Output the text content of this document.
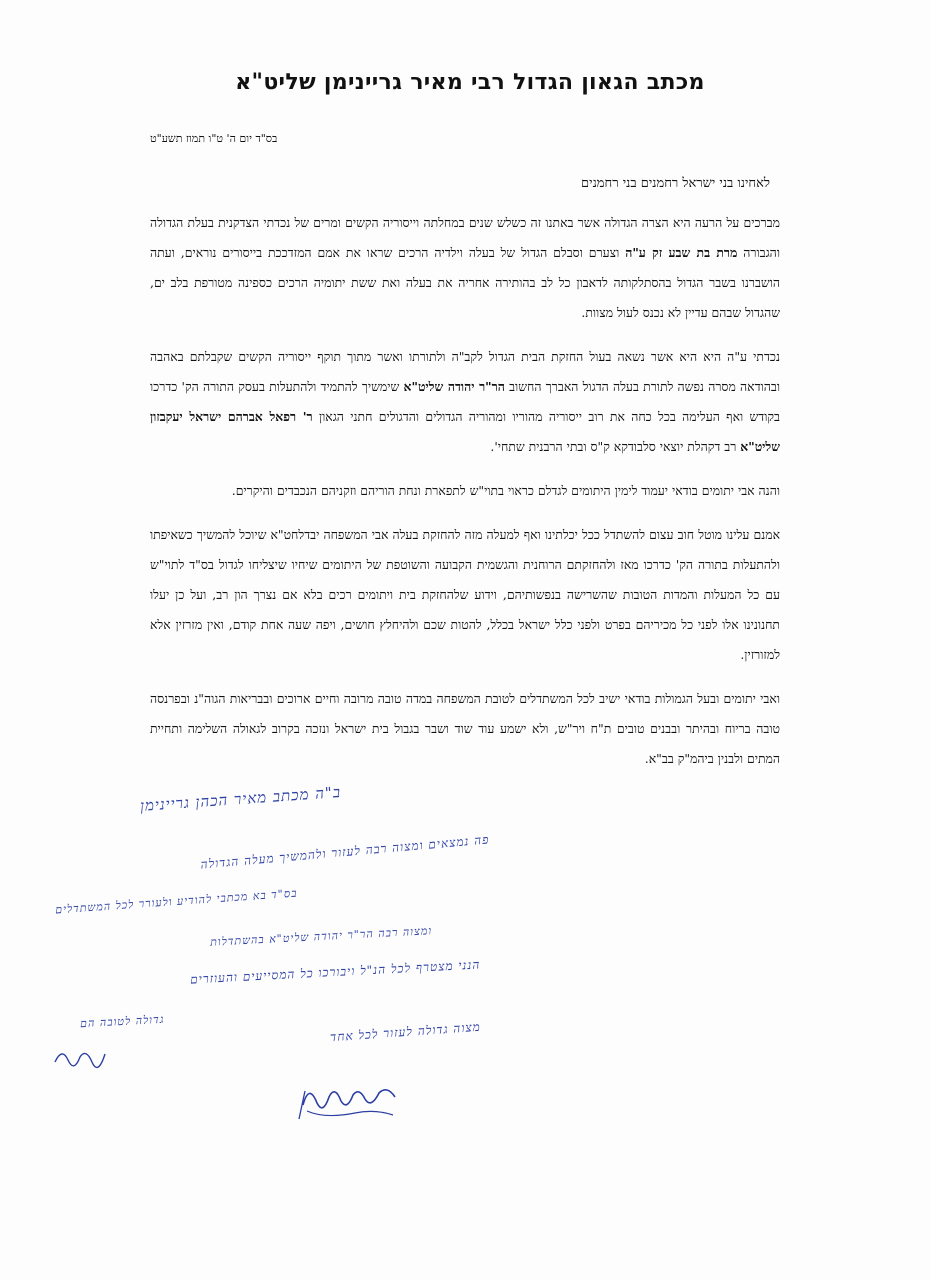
מכתב הגאון הגדול רבי מאיר גריינימן שליט"א
בס"ד יום ה' ט"ו תמוז תשע"ט
לאחינו בני ישראל רחמנים בני רחמנים

מברכים על הרעה היא הצרה הגדולה אשר באתנו זה כשלש שנים במחלתה וייסוריה הקשים ומרים של נכדתי הצדקנית בעלת הגדולה והגבורה מרת בת שבע זק ע"ה וצערם וסבלם הגדול של בעלה וילדיה הרכים שראו את אמם המזדככת בייסורים נוראים, ועתה הושברנו בשבר הגדול בהסתלקותה לדאבון כל לב בהותירה אחריה את בעלה ואת ששת יתומיה הרכים כספינה מטורפת בלב ים, שהגדול שבהם עדיין לא נכנס לעול מצוות.

נכדתי ע"ה היא היא אשר נשאה בעול החזקת הבית הגדול לקב"ה ולתורתו ואשר מתוך תוקף ייסוריה הקשים שקבלתם באהבה ובהודאה מסרה נפשה לתורת בעלה הדגול האברך החשוב הר"ר יהודה שליט"א שימשיך להתמיד ולהתעלות בעסק התורה הק' כדרכו בקודש ואף העלימה בכל כחה את רוב ייסוריה מהוריו ומהוריה הגדולים והדגולים חתני הגאון ר' רפאל אברהם ישראל יעקבזון שליט"א רב דקהלת יוצאי סלבודקא ק"ס ובתי הרבנית שתחי'.

והנה אבי יתומים בודאי יעמוד לימין היתומים לגדלם כראוי בתוי"ש לתפארת ונחת הוריהם וזקניהם הנכבדים והיקרים.

אמנם עלינו מוטל חוב עצום להשתדל ככל יכלתינו ואף למעלה מזה להחזקת בעלה אבי המשפחה יבדלחט"א שיוכל להמשיך כשאיפתו ולהתעלות בתורה הק' כדרכו מאז ולהחזקתם הרוחנית והגשמית הקבועה והשוטפת של היתומים שיחיו שיצליחו לגדול בס"ד לתוי"ש עם כל המעלות והמדות הטובות שהשרישה בנפשותיהם, וידוע שלהחזקת בית ויתומים רכים בלא אם נצרך הון רב, ועל כן יעלו תחנונינו אלו לפני כל מכיריהם בפרט ולפני כלל ישראל בכלל, להטות שכם ולהיחלץ חושים, ויפה שעה אחת קודם, ואין מזרזין אלא למזורזין.

ואבי יתומים ובעל הגמולות בודאי ישיב לכל המשתדלים לטובת המשפחה במדה טובה מרובה וחיים ארוכים ובבריאות הגוה"נ ובפרנסה טובה בריוח ובהיתר ובבנים טובים ת"ח ויר"ש, ולא ישמע עוד שוד ושבר בגבול בית ישראל ונזכה בקרוב לגאולה השלימה ותחיית המתים ולבנין ביהמ"ק בב"א.

ב"ה מכתב מאיר הכהן גריינימן
פה נמצאים ומצוה רבה לעזור ולהמשיך מעלה הגדולה
בס"ד בא מכתבי להודיע ולעורר לכל המשתדלים
ומצוה רבה הר"ר יהודה שליט"א בהשתדלות
הנני מצטרף לכל הנ"ל ויבורכו כל המסייעים והעוזרים
גדולה לטובה הם	מצוה גדולה לעזור לכל אחד
